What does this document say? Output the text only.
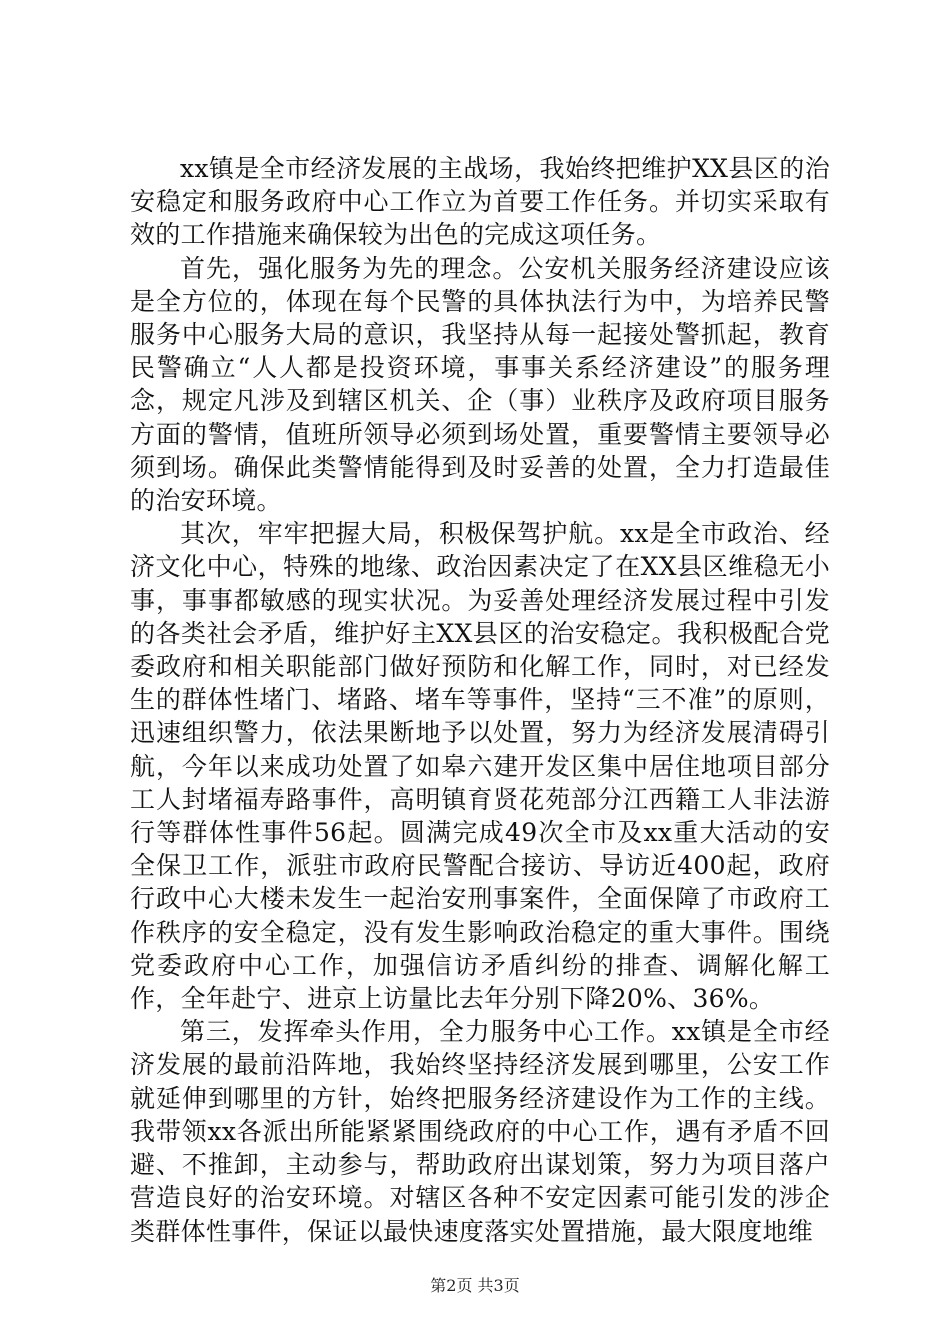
xx镇是全市经济发展的主战场，我始终把维护XX县区的治安稳定和服务政府中心工作立为首要工作任务。并切实采取有效的工作措施来确保较为出色的完成这项任务。

首先，强化服务为先的理念。公安机关服务经济建设应该是全方位的，体现在每个民警的具体执法行为中，为培养民警服务中心服务大局的意识，我坚持从每一起接处警抓起，教育民警确立“人人都是投资环境，事事关系经济建设”的服务理念，规定凡涉及到辖区机关、企（事）业秩序及政府项目服务方面的警情，值班所领导必须到场处置，重要警情主要领导必须到场。确保此类警情能得到及时妥善的处置，全力打造最佳的治安环境。

其次，牢牢把握大局，积极保驾护航。xx是全市政治、经济文化中心，特殊的地缘、政治因素决定了在XX县区维稳无小事，事事都敏感的现实状况。为妥善处理经济发展过程中引发的各类社会矛盾，维护好主XX县区的治安稳定。我积极配合党委政府和相关职能部门做好预防和化解工作，同时，对已经发生的群体性堵门、堵路、堵车等事件，坚持“三不准”的原则，迅速组织警力，依法果断地予以处置，努力为经济发展清碍引航，今年以来成功处置了如皋六建开发区集中居住地项目部分工人封堵福寿路事件，高明镇育贤花苑部分江西籍工人非法游行等群体性事件56起。圆满完成49次全市及xx重大活动的安全保卫工作，派驻市政府民警配合接访、导访近400起，政府行政中心大楼未发生一起治安刑事案件，全面保障了市政府工作秩序的安全稳定，没有发生影响政治稳定的重大事件。围绕党委政府中心工作，加强信访矛盾纠纷的排查、调解化解工作，全年赴宁、进京上访量比去年分别下降20%、36%。

第三，发挥牵头作用，全力服务中心工作。xx镇是全市经济发展的最前沿阵地，我始终坚持经济发展到哪里，公安工作就延伸到哪里的方针，始终把服务经济建设作为工作的主线。我带领xx各派出所能紧紧围绕政府的中心工作，遇有矛盾不回避、不推卸，主动参与，帮助政府出谋划策，努力为项目落户营造良好的治安环境。对辖区各种不安定因素可能引发的涉企类群体性事件，保证以最快速度落实处置措施，最大限度地维

第2页 共3页
